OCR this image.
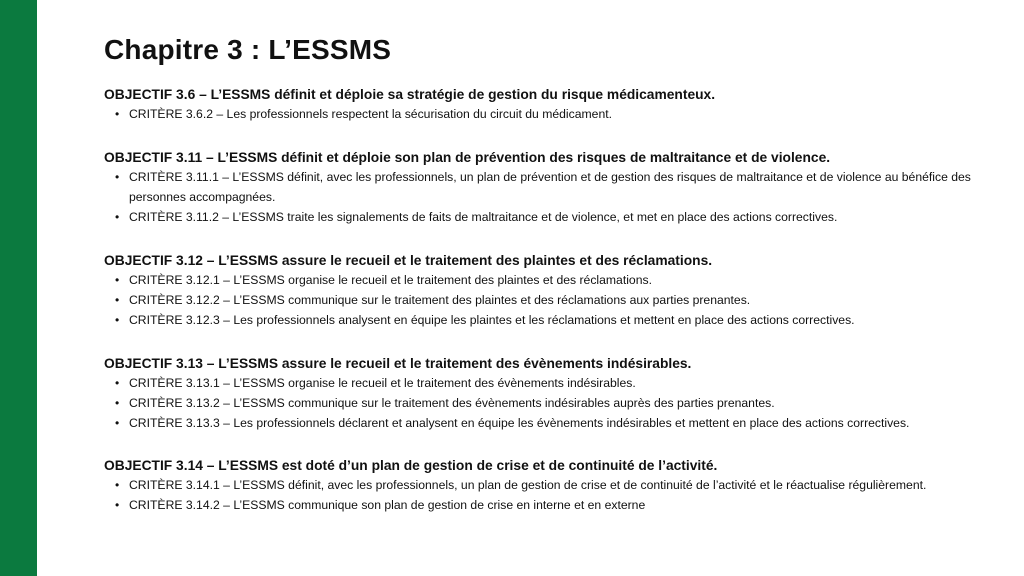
Chapitre 3 : L’ESSMS
OBJECTIF 3.6 – L’ESSMS définit et déploie sa stratégie de gestion du risque médicamenteux.
• CRITÈRE 3.6.2 – Les professionnels respectent la sécurisation du circuit du médicament.
OBJECTIF 3.11 – L’ESSMS définit et déploie son plan de prévention des risques de maltraitance et de violence.
• CRITÈRE 3.11.1 – L’ESSMS définit, avec les professionnels, un plan de prévention et de gestion des risques de maltraitance et de violence au bénéfice des personnes accompagnées.
• CRITÈRE 3.11.2 – L’ESSMS traite les signalements de faits de maltraitance et de violence, et met en place des actions correctives.
OBJECTIF 3.12 – L’ESSMS assure le recueil et le traitement des plaintes et des réclamations.
• CRITÈRE 3.12.1 – L’ESSMS organise le recueil et le traitement des plaintes et des réclamations.
• CRITÈRE 3.12.2 – L’ESSMS communique sur le traitement des plaintes et des réclamations aux parties prenantes.
• CRITÈRE 3.12.3 – Les professionnels analysent en équipe les plaintes et les réclamations et mettent en place des actions correctives.
OBJECTIF 3.13 – L’ESSMS assure le recueil et le traitement des évènements indésirables.
• CRITÈRE 3.13.1 – L’ESSMS organise le recueil et le traitement des évènements indésirables.
• CRITÈRE 3.13.2 – L’ESSMS communique sur le traitement des évènements indésirables auprès des parties prenantes.
• CRITÈRE 3.13.3 – Les professionnels déclarent et analysent en équipe les évènements indésirables et mettent en place des actions correctives.
OBJECTIF 3.14 – L’ESSMS est doté d’un plan de gestion de crise et de continuité de l’activité.
• CRITÈRE 3.14.1 – L’ESSMS définit, avec les professionnels, un plan de gestion de crise et de continuité de l’activité et le réactualise régulièrement.
• CRITÈRE 3.14.2 – L’ESSMS communique son plan de gestion de crise en interne et en externe
